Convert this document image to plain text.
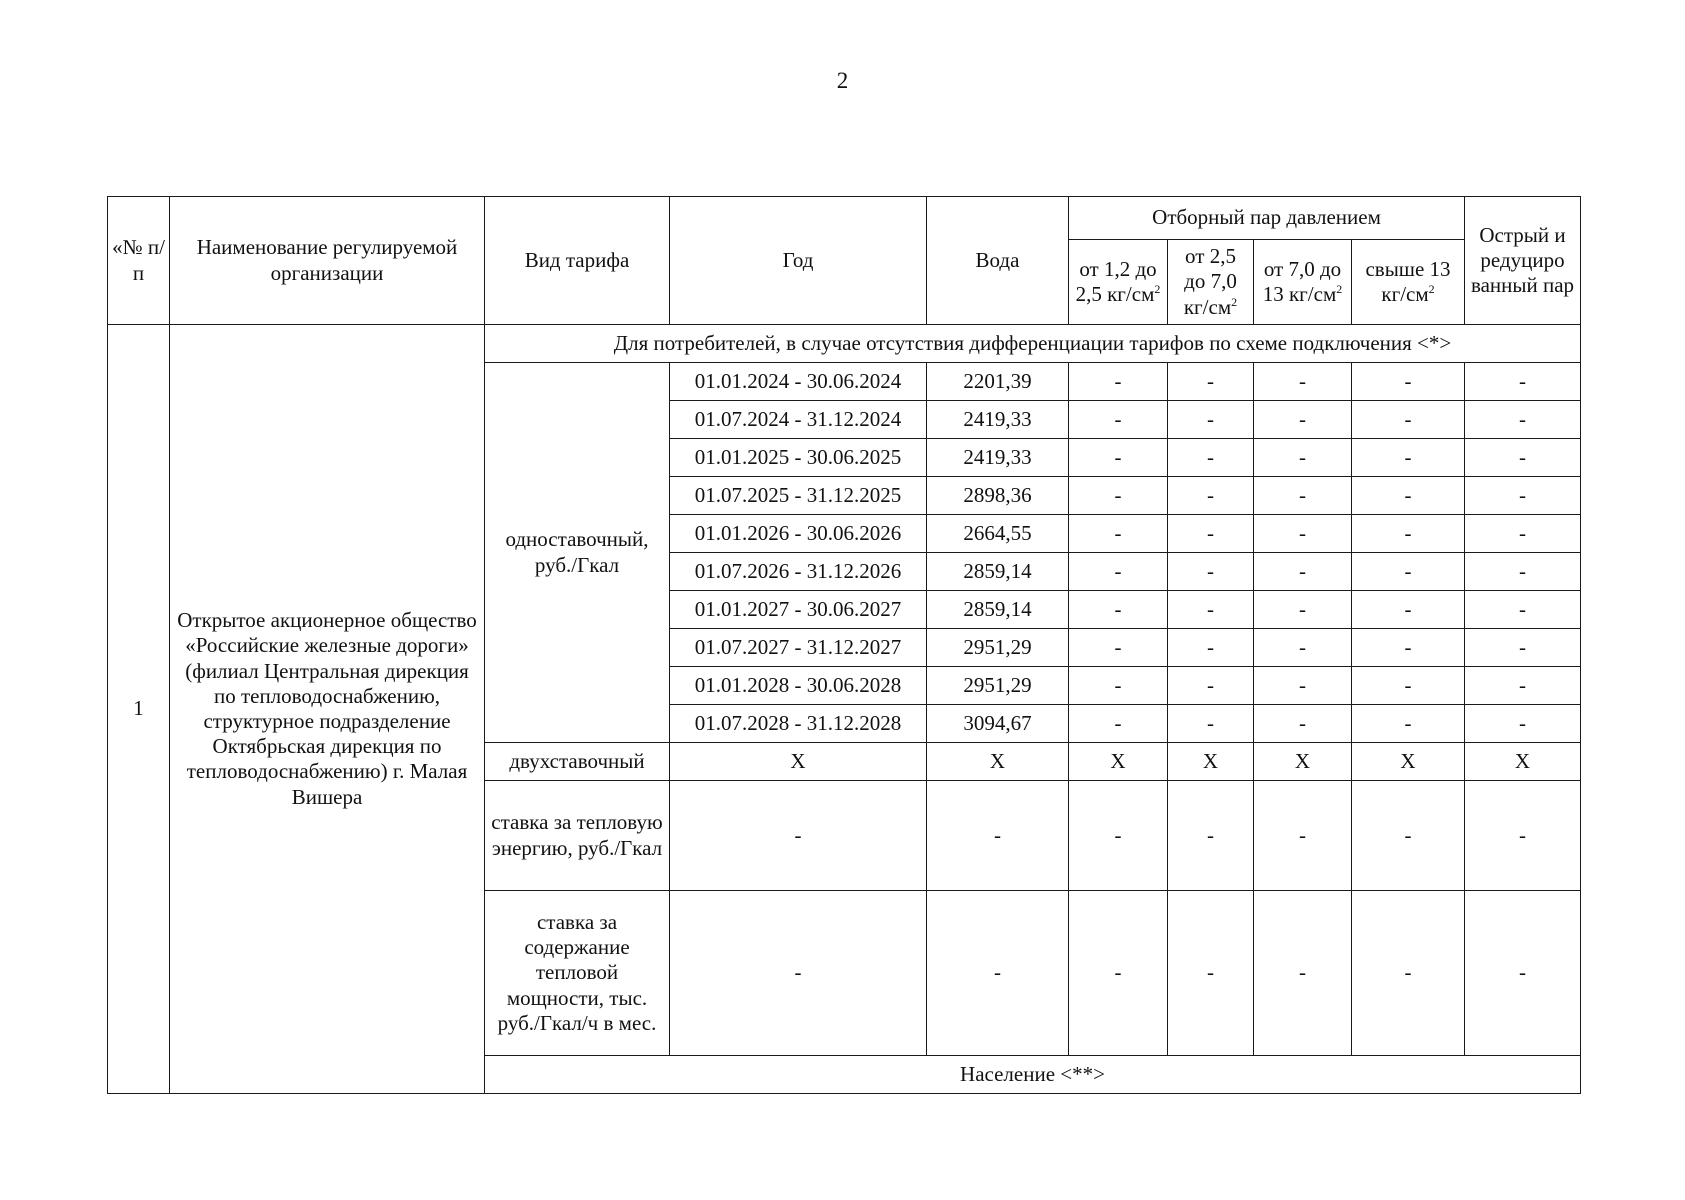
2
«№ п/п	Наименование регулируемой организации	Вид тарифа	Год	Вода	Отборный пар давлением				Острый и редуциро ванный пар
					от 1,2 до 2,5 $кг/см^2$	от 2,5 до 7,0 $кг/см^2$	от 7,0 до 13 $кг/см^2$	свыше 13 $кг/см^2$
1	Открытое акционерное общество «Российские железные дороги» (филиал Центральная дирекция по тепловодоснабжению, структурное подразделение Октябрьская дирекция по тепловодоснабжению) г. Малая Вишера	Для потребителей, в случае отсутствия дифференциации тарифов по схеме подключения <*>							
		одноставочный, руб./Гкал	01.01.2024 - 30.06.2024	2201,39	-	-	-	-	-
			01.07.2024 - 31.12.2024	2419,33	-	-	-	-	-
			01.01.2025 - 30.06.2025	2419,33	-	-	-	-	-
			01.07.2025 - 31.12.2025	2898,36	-	-	-	-	-
			01.01.2026 - 30.06.2026	2664,55	-	-	-	-	-
			01.07.2026 - 31.12.2026	2859,14	-	-	-	-	-
			01.01.2027 - 30.06.2027	2859,14	-	-	-	-	-
			01.07.2027 - 31.12.2027	2951,29	-	-	-	-	-
			01.01.2028 - 30.06.2028	2951,29	-	-	-	-	-
			01.07.2028 - 31.12.2028	3094,67	-	-	-	-	-
		двухставочный	X	X	X	X	X	X	X
		ставка за тепловую энергию, руб./Гкал	-	-	-	-	-	-	-
		ставка за содержание тепловой мощности, тыс. руб./Гкал/ч в мес.	-	-	-	-	-	-	-
		Население <**>							
